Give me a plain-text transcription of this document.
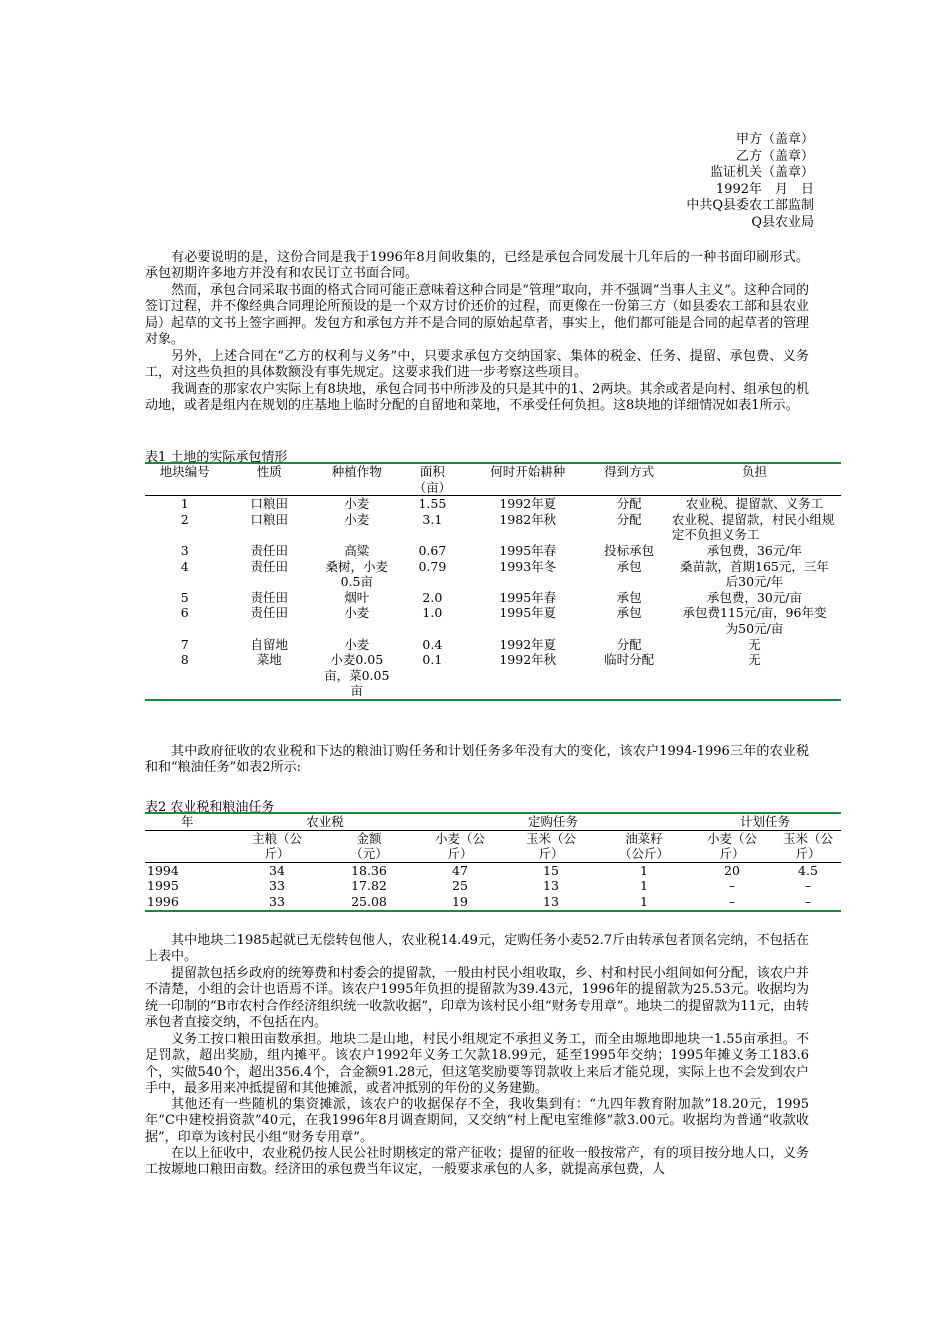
甲方（盖章）
乙方（盖章）
监证机关（盖章）
1992年　月　日
中共Q县委农工部监制
Q县农业局

有必要说明的是，这份合同是我于1996年8月间收集的，已经是承包合同发展十几年后的一种书面印刷形式。承包初期许多地方并没有和农民订立书面合同。

然而，承包合同采取书面的格式合同可能正意味着这种合同是“管理”取向，并不强调“当事人主义”。这种合同的签订过程，并不像经典合同理论所预设的是一个双方讨价还价的过程，而更像在一份第三方（如县委农工部和县农业局）起草的文书上签字画押。发包方和承包方并不是合同的原始起草者，事实上，他们都可能是合同的起草者的管理对象。

另外，上述合同在“乙方的权利与义务”中，只要求承包方交纳国家、集体的税金、任务、提留、承包费、义务工，对这些负担的具体数额没有事先规定。这要求我们进一步考察这些项目。

我调查的那家农户实际上有8块地，承包合同书中所涉及的只是其中的1、2两块。其余或者是向村、组承包的机动地，或者是组内在规划的庄基地上临时分配的自留地和菜地，不承受任何负担。这8块地的详细情况如表1所示。

表1 土地的实际承包情形
地块编号	性质	种植作物	面积（亩）	何时开始耕种	得到方式	负担
1	口粮田	小麦	1.55	1992年夏	分配	农业税、提留款、义务工
2	口粮田	小麦	3.1	1982年秋	分配	农业税、提留款，村民小组规定不负担义务工
3	责任田	高粱	0.67	1995年春	投标承包	承包费，36元/年
4	责任田	桑树，小麦0.5亩	0.79	1993年冬	承包	桑苗款，首期165元，三年后30元/年
5	责任田	烟叶	2.0	1995年春	承包	承包费，30元/亩
6	责任田	小麦	1.0	1995年夏	承包	承包费115元/亩，96年变为50元/亩
7	自留地	小麦	0.4	1992年夏	分配	无
8	菜地	小麦0.05亩，菜0.05亩	0.1	1992年秋	临时分配	无

其中政府征收的农业税和下达的粮油订购任务和计划任务多年没有大的变化，该农户1994-1996三年的农业税和和“粮油任务”如表2所示:

表2 农业税和粮油任务
年	农业税		定购任务			计划任务	
	主粮（公斤）	金额（元）	小麦（公斤）	玉米（公斤）	油菜籽（公斤）	小麦（公斤）	玉米（公斤）
1994	34	18.36	47	15	1	20	4.5
1995	33	17.82	25	13	1	–	–
1996	33	25.08	19	13	1	–	–

其中地块二1985起就已无偿转包他人，农业税14.49元，定购任务小麦52.7斤由转承包者顶名完纳，不包括在上表中。

提留款包括乡政府的统筹费和村委会的提留款，一般由村民小组收取，乡、村和村民小组间如何分配，该农户并不清楚，小组的会计也语焉不详。该农户1995年负担的提留款为39.43元，1996年的提留款为25.53元。收据均为统一印制的“B市农村合作经济组织统一收款收据”，印章为该村民小组“财务专用章”。地块二的提留款为11元，由转承包者直接交纳，不包括在内。

义务工按口粮田亩数承担。地块二是山地，村民小组规定不承担义务工，而全由塬地即地块一1.55亩承担。不足罚款，超出奖励，组内摊平。该农户1992年义务工欠款18.99元，延至1995年交纳；1995年摊义务工183.6个，实做540个，超出356.4个，合金额91.28元，但这笔奖励要等罚款收上来后才能兑现，实际上也不会发到农户手中，最多用来冲抵提留和其他摊派，或者冲抵别的年份的义务建勤。

其他还有一些随机的集资摊派，该农户的收据保存不全，我收集到有：“九四年教育附加款”18.20元，1995年“C中建校捐资款”40元，在我1996年8月调查期间，又交纳“村上配电室维修”款3.00元。收据均为普通“收款收据”，印章为该村民小组“财务专用章”。

在以上征收中，农业税仍按人民公社时期核定的常产征收；提留的征收一般按常产，有的项目按分地人口，义务工按塬地口粮田亩数。经济田的承包费当年议定，一般要求承包的人多，就提高承包费，人
